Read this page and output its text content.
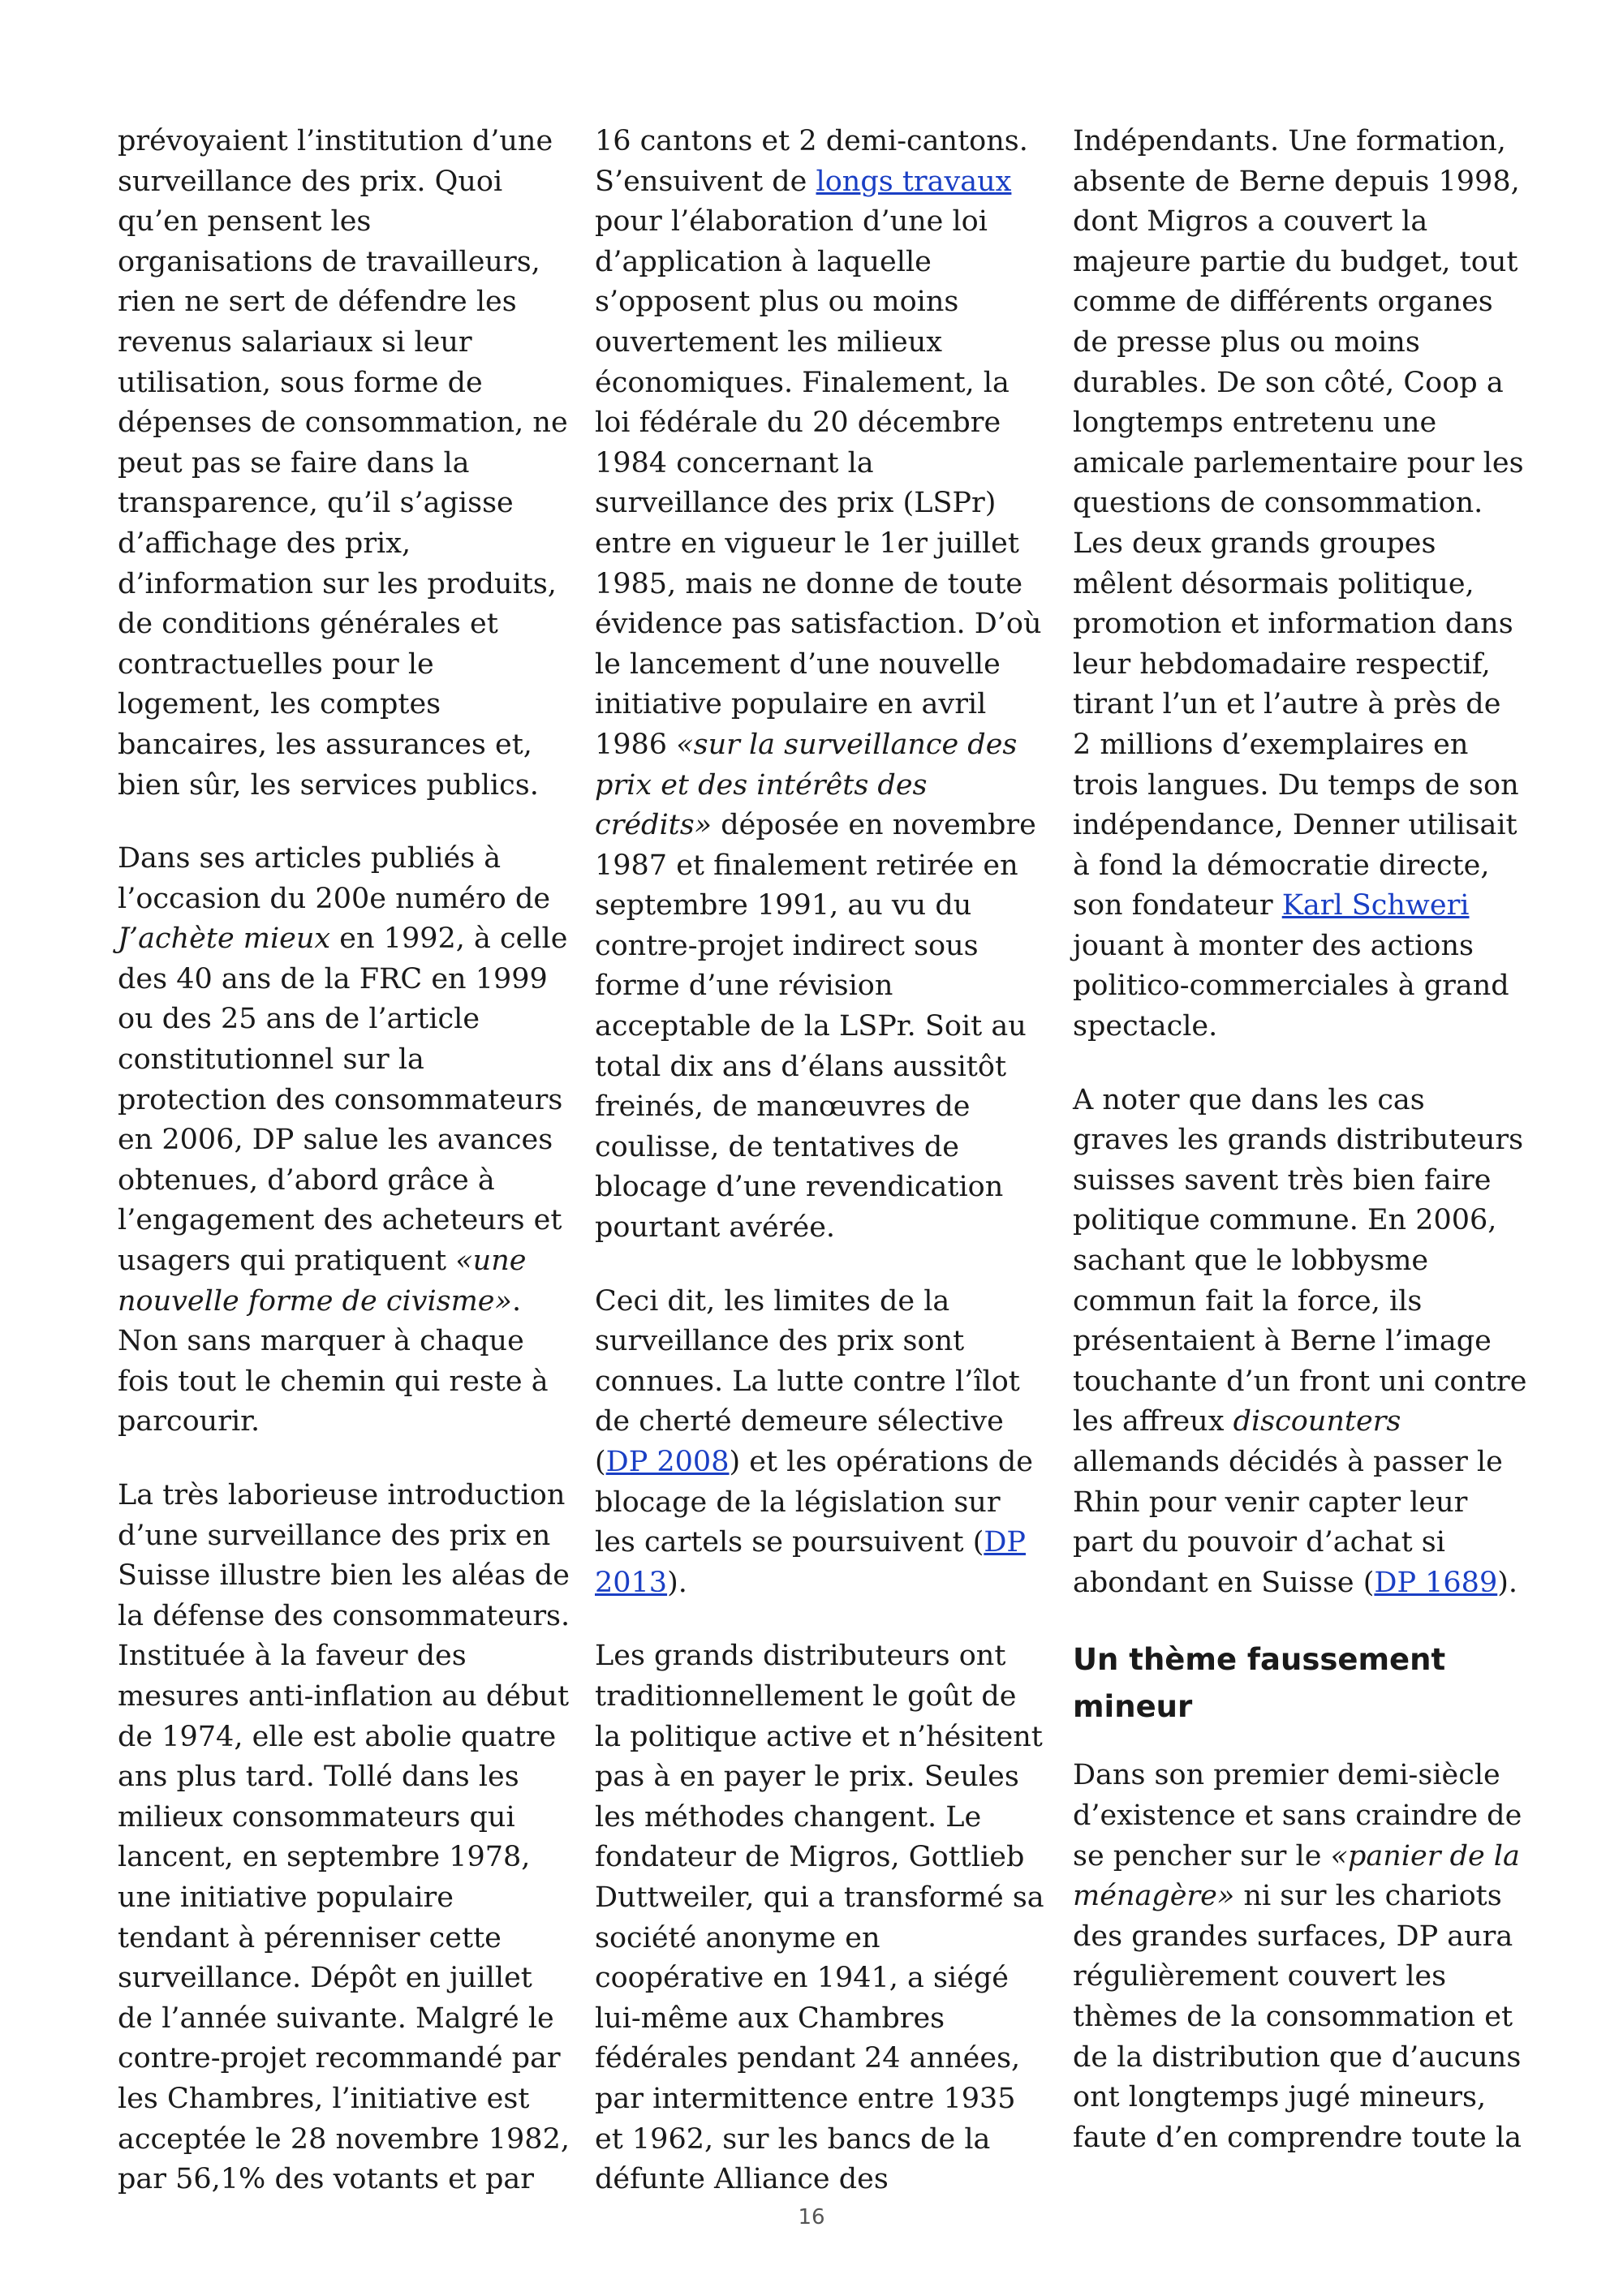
prévoyaient l’institution d’une surveillance des prix. Quoi qu’en pensent les organisations de travailleurs, rien ne sert de défendre les revenus salariaux si leur utilisation, sous forme de dépenses de consommation, ne peut pas se faire dans la transparence, qu’il s’agisse d’affichage des prix, d’information sur les produits, de conditions générales et contractuelles pour le logement, les comptes bancaires, les assurances et, bien sûr, les services publics.

Dans ses articles publiés à l’occasion du 200e numéro de J’achète mieux en 1992, à celle des 40 ans de la FRC en 1999 ou des 25 ans de l’article constitutionnel sur la protection des consommateurs en 2006, DP salue les avances obtenues, d’abord grâce à l’engagement des acheteurs et usagers qui pratiquent «une nouvelle forme de civisme». Non sans marquer à chaque fois tout le chemin qui reste à parcourir.

La très laborieuse introduction d’une surveillance des prix en Suisse illustre bien les aléas de la défense des consommateurs. Instituée à la faveur des mesures anti-inflation au début de 1974, elle est abolie quatre ans plus tard. Tollé dans les milieux consommateurs qui lancent, en septembre 1978, une initiative populaire tendant à pérenniser cette surveillance. Dépôt en juillet de l’année suivante. Malgré le contre-projet recommandé par les Chambres, l’initiative est acceptée le 28 novembre 1982, par 56,1% des votants et par

16 cantons et 2 demi-cantons. S’ensuivent de longs travaux pour l’élaboration d’une loi d’application à laquelle s’opposent plus ou moins ouvertement les milieux économiques. Finalement, la loi fédérale du 20 décembre 1984 concernant la surveillance des prix (LSPr) entre en vigueur le 1er juillet 1985, mais ne donne de toute évidence pas satisfaction. D’où le lancement d’une nouvelle initiative populaire en avril 1986 «sur la surveillance des prix et des intérêts des crédits» déposée en novembre 1987 et finalement retirée en septembre 1991, au vu du contre-projet indirect sous forme d’une révision acceptable de la LSPr. Soit au total dix ans d’élans aussitôt freinés, de manœuvres de coulisse, de tentatives de blocage d’une revendication pourtant avérée.

Ceci dit, les limites de la surveillance des prix sont connues. La lutte contre l’îlot de cherté demeure sélective (DP 2008) et les opérations de blocage de la législation sur les cartels se poursuivent (DP 2013).

Les grands distributeurs ont traditionnellement le goût de la politique active et n’hésitent pas à en payer le prix. Seules les méthodes changent. Le fondateur de Migros, Gottlieb Duttweiler, qui a transformé sa société anonyme en coopérative en 1941, a siégé lui-même aux Chambres fédérales pendant 24 années, par intermittence entre 1935 et 1962, sur les bancs de la défunte Alliance des

Indépendants. Une formation, absente de Berne depuis 1998, dont Migros a couvert la majeure partie du budget, tout comme de différents organes de presse plus ou moins durables. De son côté, Coop a longtemps entretenu une amicale parlementaire pour les questions de consommation. Les deux grands groupes mêlent désormais politique, promotion et information dans leur hebdomadaire respectif, tirant l’un et l’autre à près de 2 millions d’exemplaires en trois langues. Du temps de son indépendance, Denner utilisait à fond la démocratie directe, son fondateur Karl Schweri jouant à monter des actions politico-commerciales à grand spectacle.

A noter que dans les cas graves les grands distributeurs suisses savent très bien faire politique commune. En 2006, sachant que le lobbysme commun fait la force, ils présentaient à Berne l’image touchante d’un front uni contre les affreux discounters allemands décidés à passer le Rhin pour venir capter leur part du pouvoir d’achat si abondant en Suisse (DP 1689).

Un thème faussement mineur

Dans son premier demi-siècle d’existence et sans craindre de se pencher sur le «panier de la ménagère» ni sur les chariots des grandes surfaces, DP aura régulièrement couvert les thèmes de la consommation et de la distribution que d’aucuns ont longtemps jugé mineurs, faute d’en comprendre toute la

16
